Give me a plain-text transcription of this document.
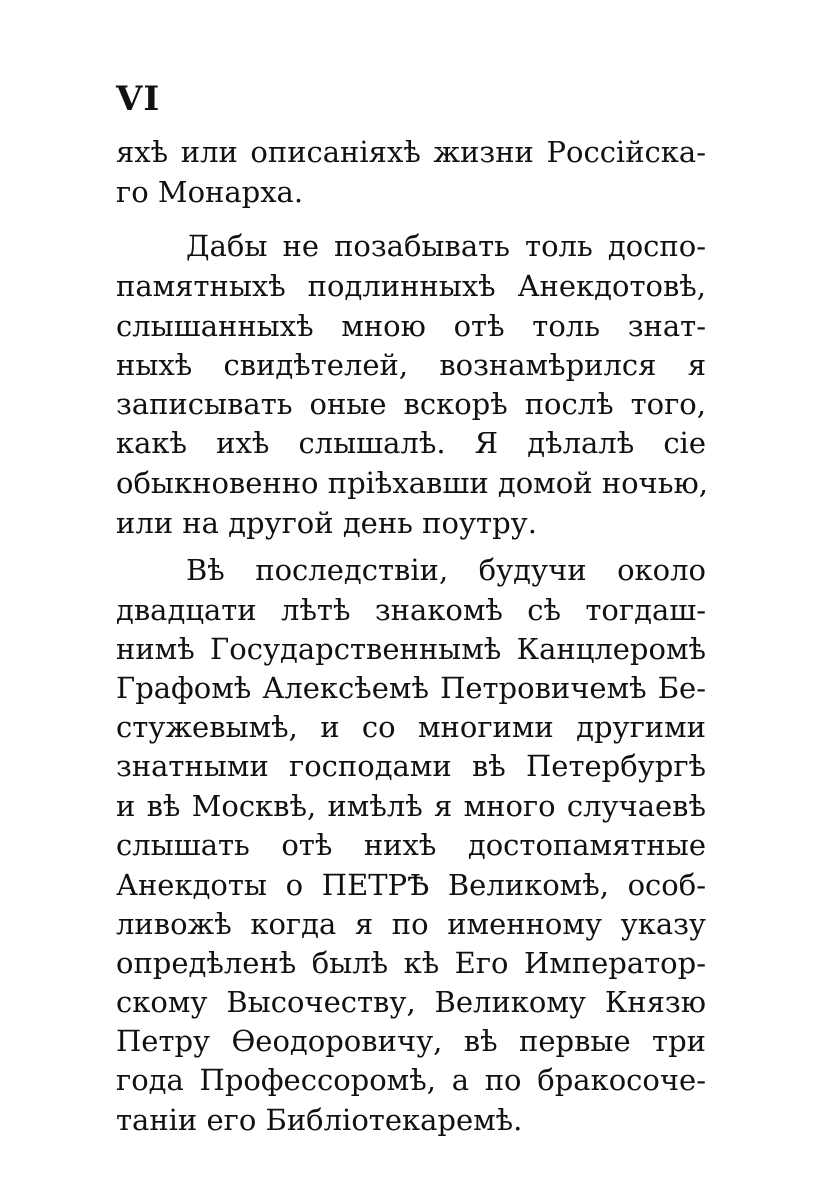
VI
яхѣ или описаніяхѣ жизни Россійска-
го Монарха.
Дабы не позабывать толь доспо-
памятныхѣ подлинныхѣ Анекдотовѣ,
слышанныхѣ мною отѣ толь знат-
ныхѣ свидѣтелей, вознамѣрился я
записывать оные вскорѣ послѣ того,
какѣ ихѣ слышалѣ. Я дѣлалѣ сіе
обыкновенно пріѣхавши домой ночью,
или на другой день поутру.
Вѣ последствіи, будучи около
двадцати лѣтѣ знакомѣ сѣ тогдаш-
нимѣ Государственнымѣ Канцлеромѣ
Графомѣ Алексѣемѣ Петровичемѣ Бе-
стужевымѣ, и со многими другими
знатными господами вѣ Петербургѣ
и вѣ Москвѣ, имѣлѣ я много случаевѣ
слышать отѣ нихѣ достопамятные
Анекдоты о ПЕТРѢ Великомѣ, особ-
ливожѣ когда я по именному указу
опредѣленѣ былѣ кѣ Его Император-
скому Высочеству, Великому Князю
Петру Өеодоровичу, вѣ первые три
года Профессоромѣ, а по бракосоче-
таніи его Библіотекаремѣ.
